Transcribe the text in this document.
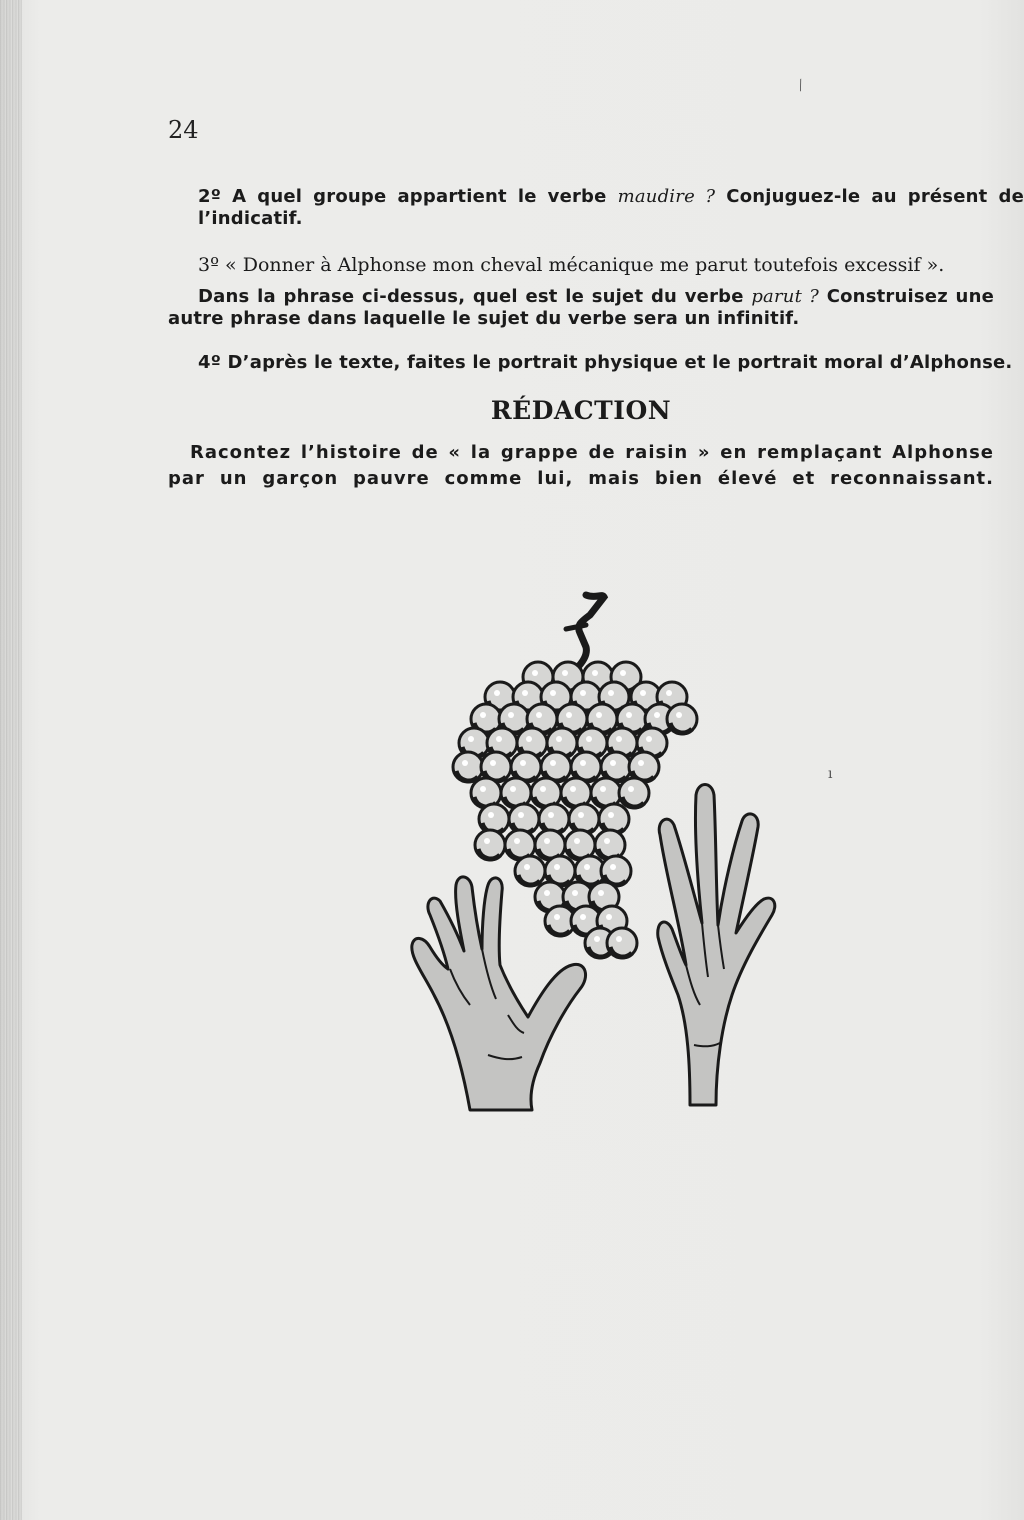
24
2º A quel groupe appartient le verbe maudire ? Conjuguez-le au présent de l’indicatif.
3º « Donner à Alphonse mon cheval mécanique me parut toutefois excessif ».
Dans la phrase ci-dessus, quel est le sujet du verbe parut ? Construisez une autre phrase dans laquelle le sujet du verbe sera un infinitif.
4º D’après le texte, faites le portrait physique et le portrait moral d’Alphonse.
RÉDACTION
Racontez l’histoire de « la grappe de raisin » en remplaçant Alphonse
par un garçon pauvre comme lui, mais bien élevé et reconnaissant.
⁄
ı
